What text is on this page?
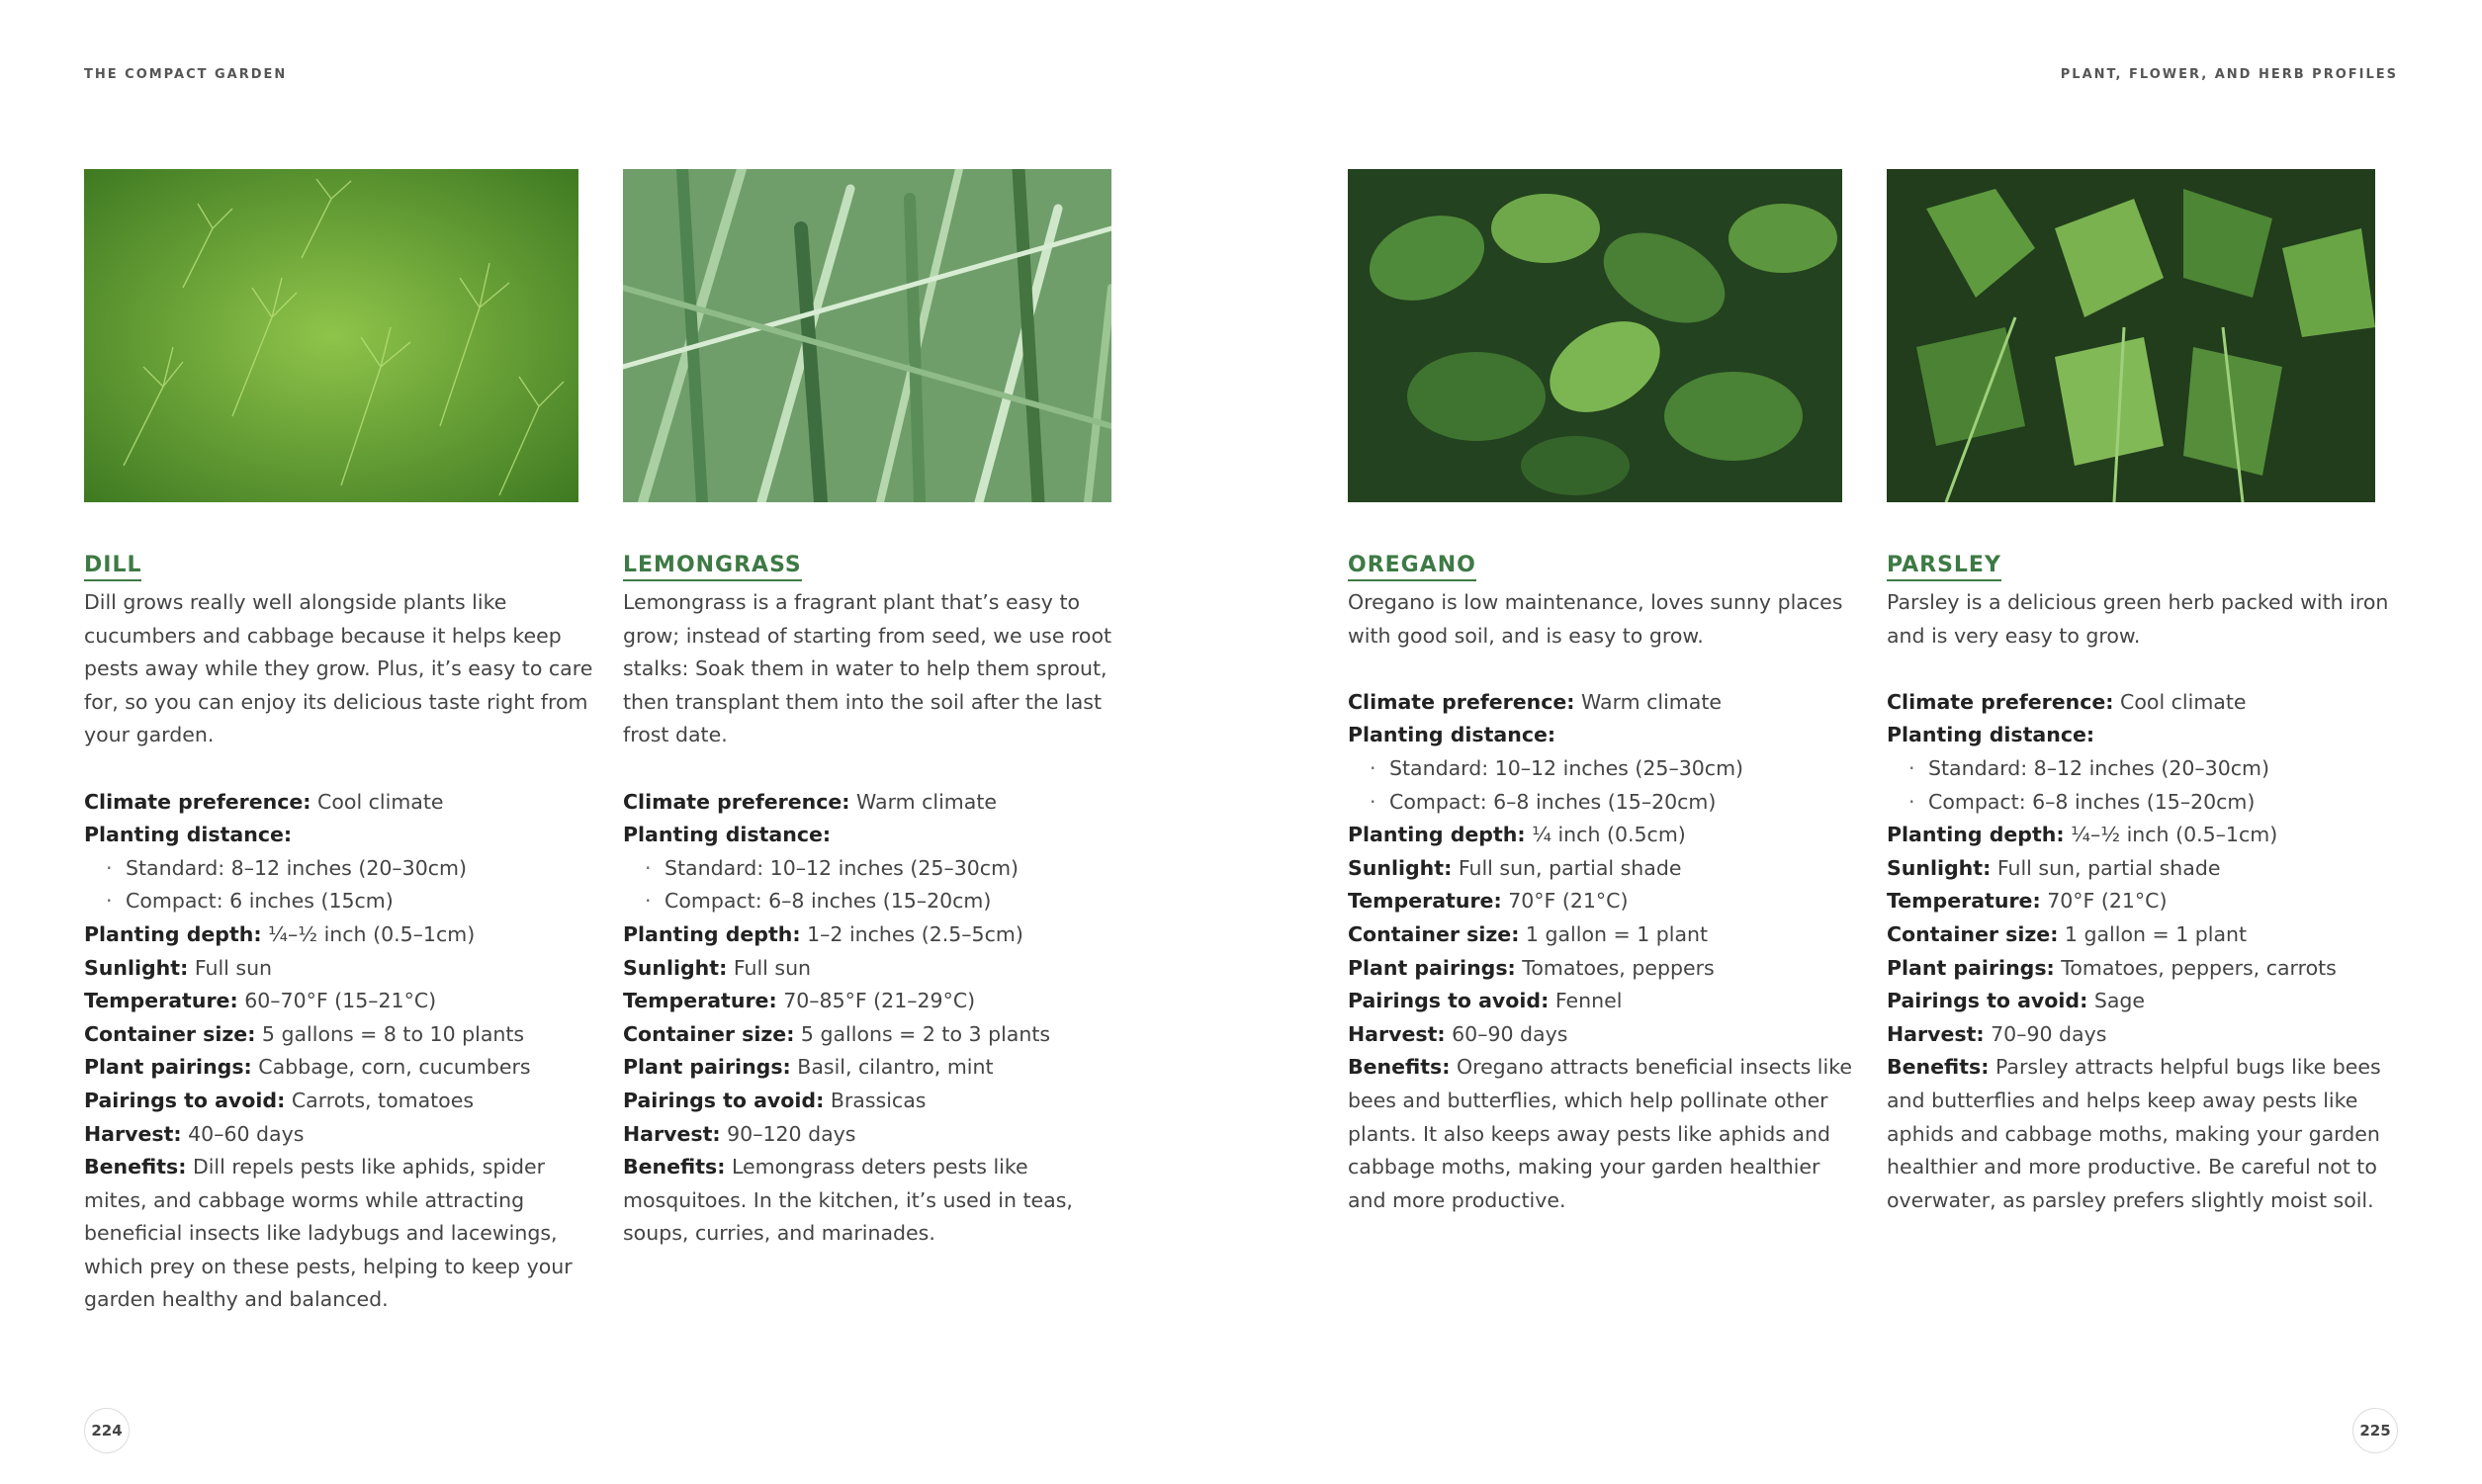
THE COMPACT GARDEN	PLANT, FLOWER, AND HERB PROFILES
DILL

Dill grows really well alongside plants like cucumbers and cabbage because it helps keep pests away while they grow. Plus, it’s easy to care for, so you can enjoy its delicious taste right from your garden.

Climate preference: Cool climate

Planting distance:

· Standard: 8–12 inches (20–30cm)
· Compact: 6 inches (15cm)

Planting depth: ¼–½ inch (0.5–1cm)

Sunlight: Full sun

Temperature: 60–70°F (15–21°C)

Container size: 5 gallons = 8 to 10 plants

Plant pairings: Cabbage, corn, cucumbers

Pairings to avoid: Carrots, tomatoes

Harvest: 40–60 days

Benefits: Dill repels pests like aphids, spider mites, and cabbage worms while attracting beneficial insects like ladybugs and lacewings, which prey on these pests, helping to keep your garden healthy and balanced.

LEMONGRASS

Lemongrass is a fragrant plant that’s easy to grow; instead of starting from seed, we use root stalks: Soak them in water to help them sprout, then transplant them into the soil after the last frost date.

Climate preference: Warm climate

Planting distance:

· Standard: 10–12 inches (25–30cm)
· Compact: 6–8 inches (15–20cm)

Planting depth: 1–2 inches (2.5–5cm)

Sunlight: Full sun

Temperature: 70–85°F (21–29°C)

Container size: 5 gallons = 2 to 3 plants

Plant pairings: Basil, cilantro, mint

Pairings to avoid: Brassicas

Harvest: 90–120 days

Benefits: Lemongrass deters pests like mosquitoes. In the kitchen, it’s used in teas, soups, curries, and marinades.

OREGANO

Oregano is low maintenance, loves sunny places with good soil, and is easy to grow.

Climate preference: Warm climate

Planting distance:

· Standard: 10–12 inches (25–30cm)
· Compact: 6–8 inches (15–20cm)

Planting depth: ¼ inch (0.5cm)

Sunlight: Full sun, partial shade

Temperature: 70°F (21°C)

Container size: 1 gallon = 1 plant

Plant pairings: Tomatoes, peppers

Pairings to avoid: Fennel

Harvest: 60–90 days

Benefits: Oregano attracts beneficial insects like bees and butterflies, which help pollinate other plants. It also keeps away pests like aphids and cabbage moths, making your garden healthier and more productive.

PARSLEY

Parsley is a delicious green herb packed with iron and is very easy to grow.

Climate preference: Cool climate

Planting distance:

· Standard: 8–12 inches (20–30cm)
· Compact: 6–8 inches (15–20cm)

Planting depth: ¼–½ inch (0.5–1cm)

Sunlight: Full sun, partial shade

Temperature: 70°F (21°C)

Container size: 1 gallon = 1 plant

Plant pairings: Tomatoes, peppers, carrots

Pairings to avoid: Sage

Harvest: 70–90 days

Benefits: Parsley attracts helpful bugs like bees and butterflies and helps keep away pests like aphids and cabbage moths, making your garden healthier and more productive. Be careful not to overwater, as parsley prefers slightly moist soil.

224	225
